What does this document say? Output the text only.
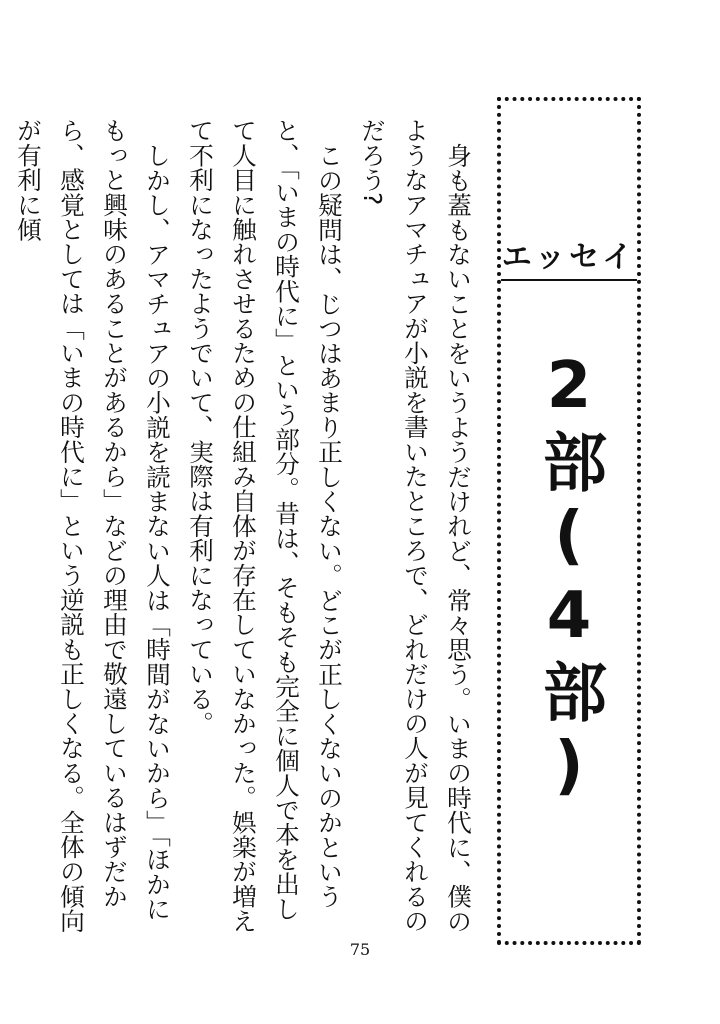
エッセイ
2部(4部)

身も蓋もないことをいうようだけれど、常々思う。いまの時代に、僕のようなアマチュアが小説を書いたところで、どれだけの人が見てくれるのだろう?

この疑問は、じつはあまり正しくない。どこが正しくないのかというと、「いまの時代に」という部分。昔は、そもそも完全に個人で本を出して人目に触れさせるための仕組み自体が存在していなかった。娯楽が増えて不利になったようでいて、実際は有利になっている。

しかし、アマチュアの小説を読まない人は「時間がないから」「ほかにもっと興味のあることがあるから」などの理由で敬遠しているはずだから、感覚としては「いまの時代に」という逆説も正しくなる。全体の傾向が有利に傾

75
